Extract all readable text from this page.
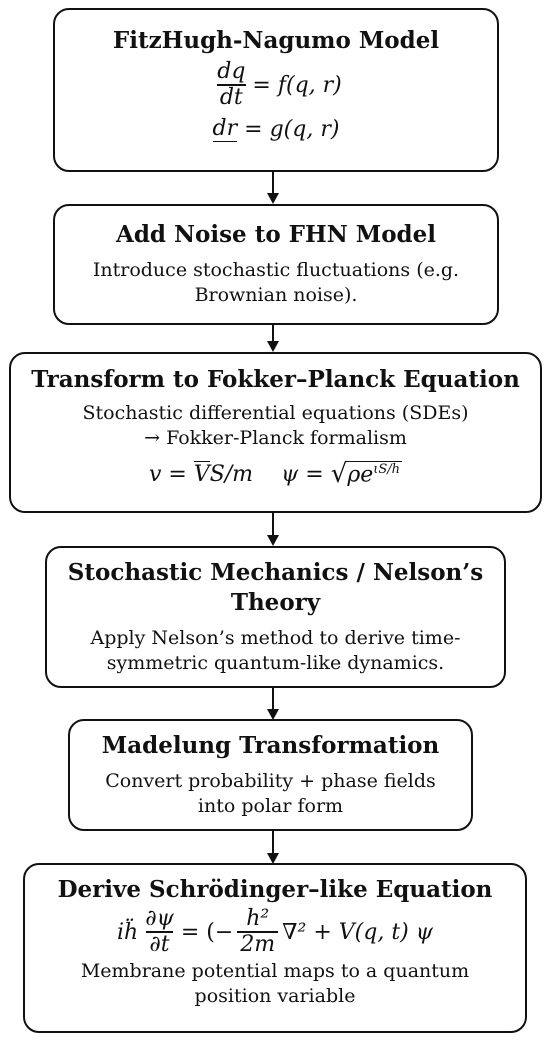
FitzHugh-Nagumo Model
$\frac{dq}{dt}$ =
f(q, r)
dr
=
g(q, r)
Add Noise to FHN Model
Introduce stochastic fluctuations (e.g.
Brownian noise).
Transform to Fokker–Planck Equation
Stochastic differential equations (SDEs)
→ Fokker-Planck formalism
v = V S/m ψ = √ $\rho e^{\iota S/ℎ}$
Stochastic Mechanics / Nelson’s
Theory
Apply Nelson’s method to derive time-
symmetric quantum-like dynamics.
Madelung Transformation
Convert probability + phase fields
into polar form
Derive Schrödinger–like Equation
iḧ $\frac{\partial\psi}{\partial t}$ = (− $\frac{\text{h²}}{2m} \nabla^2 + V(q$, t) ψ
Membrane potential maps to a quantum
position variable
